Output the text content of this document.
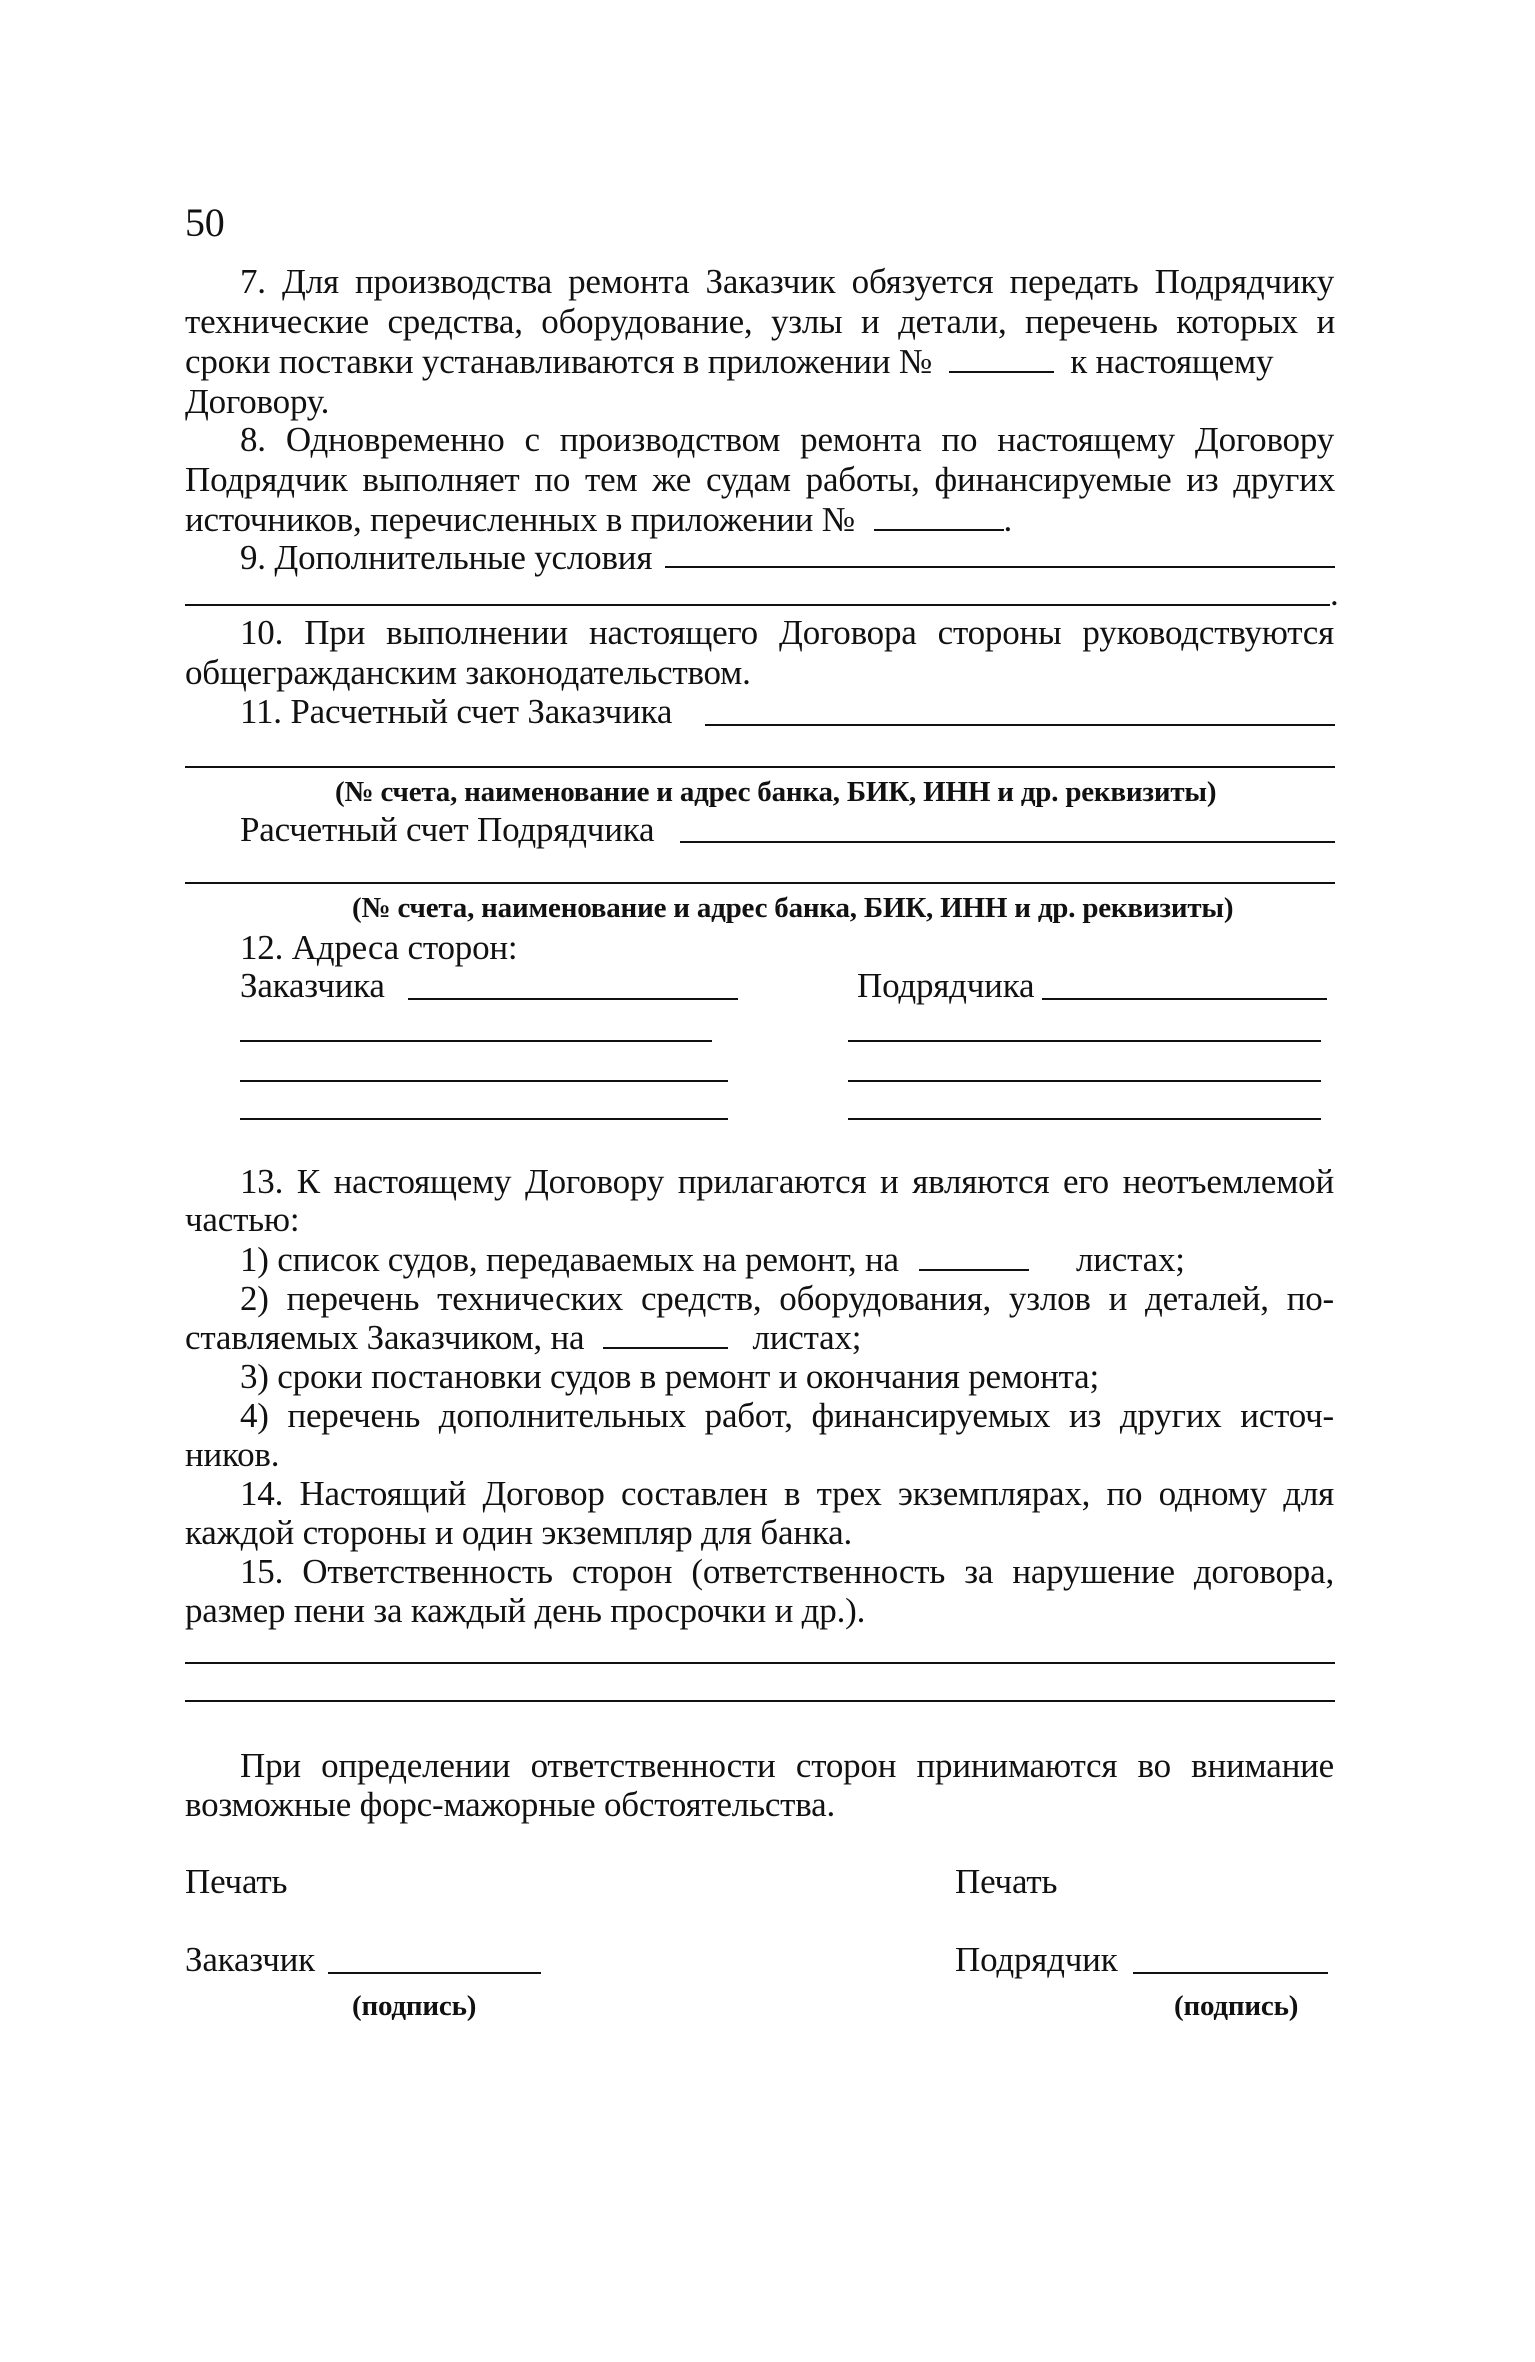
50
7. Для производства ремонта Заказчик обязуется передать Подрядчику
технические средства, оборудование, узлы и детали, перечень которых и
сроки поставки устанавливаются в приложении №	к настоящему
Договору.
8. Одновременно с производством ремонта по настоящему Договору
Подрядчик выполняет по тем же судам работы, финансируемые из других
источников, перечисленных в приложении №	.
9. Дополнительные условия
.
10. При выполнении настоящего Договора стороны руководствуются
общегражданским законодательством.
11. Расчетный счет Заказчика
(№ счета, наименование и адрес банка, БИК, ИНН и др. реквизиты)
Расчетный счет Подрядчика
(№ счета, наименование и адрес банка, БИК, ИНН и др. реквизиты)
12. Адреса сторон:
Заказчика	Подрядчика
13. К настоящему Договору прилагаются и являются его неотъемлемой
частью:
1) список судов, передаваемых на ремонт, на	листах;
2) перечень технических средств, оборудования, узлов и деталей, по-
ставляемых Заказчиком, на	листах;
3) сроки постановки судов в ремонт и окончания ремонта;
4) перечень дополнительных работ, финансируемых из других источ-
ников.
14. Настоящий Договор составлен в трех экземплярах, по одному для
каждой стороны и один экземпляр для банка.
15. Ответственность сторон (ответственность за нарушение договора,
размер пени за каждый день просрочки и др.).
При определении ответственности сторон принимаются во внимание
возможные форс-мажорные обстоятельства.
Печать	Печать
Заказчик	Подрядчик
(подпись)	(подпись)
